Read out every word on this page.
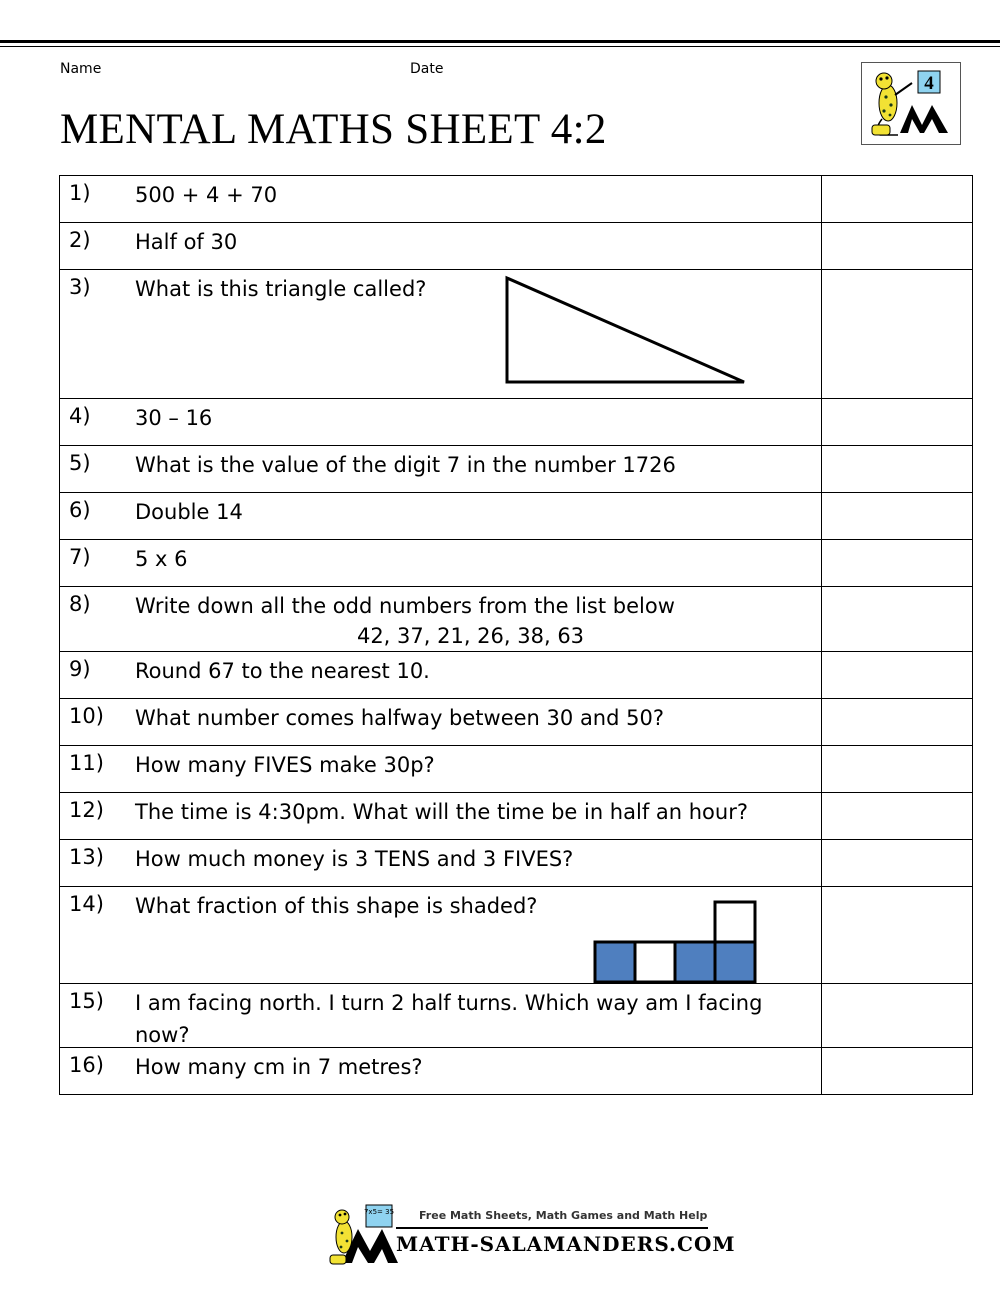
Name	Date
MENTAL MATHS SHEET 4:2
4
1) 500 + 4 + 70	

2) Half of 30	

3) What is this triangle called?	

4) 30 – 16	

5) What is the value of the digit 7 in the number 1726	

6) Double 14	

7) 5 x 6	

8) Write down all the odd numbers from the list below
42, 37, 21, 26, 38, 63	

9) Round 67 to the nearest 10.	

10) What number comes halfway between 30 and 50?	

11) How many FIVES make 30p?	

12) The time is 4:30pm. What will the time be in half an hour?	

13) How much money is 3 TENS and 3 FIVES?	

14) What fraction of this shape is shaded?	

15) I am facing north. I turn 2 half turns. Which way am I facing now?	

16) How many cm in 7 metres?	

7x5= 35 Free Math Sheets, Math Games and Math Help
MATH-SALAMANDERS.COM
